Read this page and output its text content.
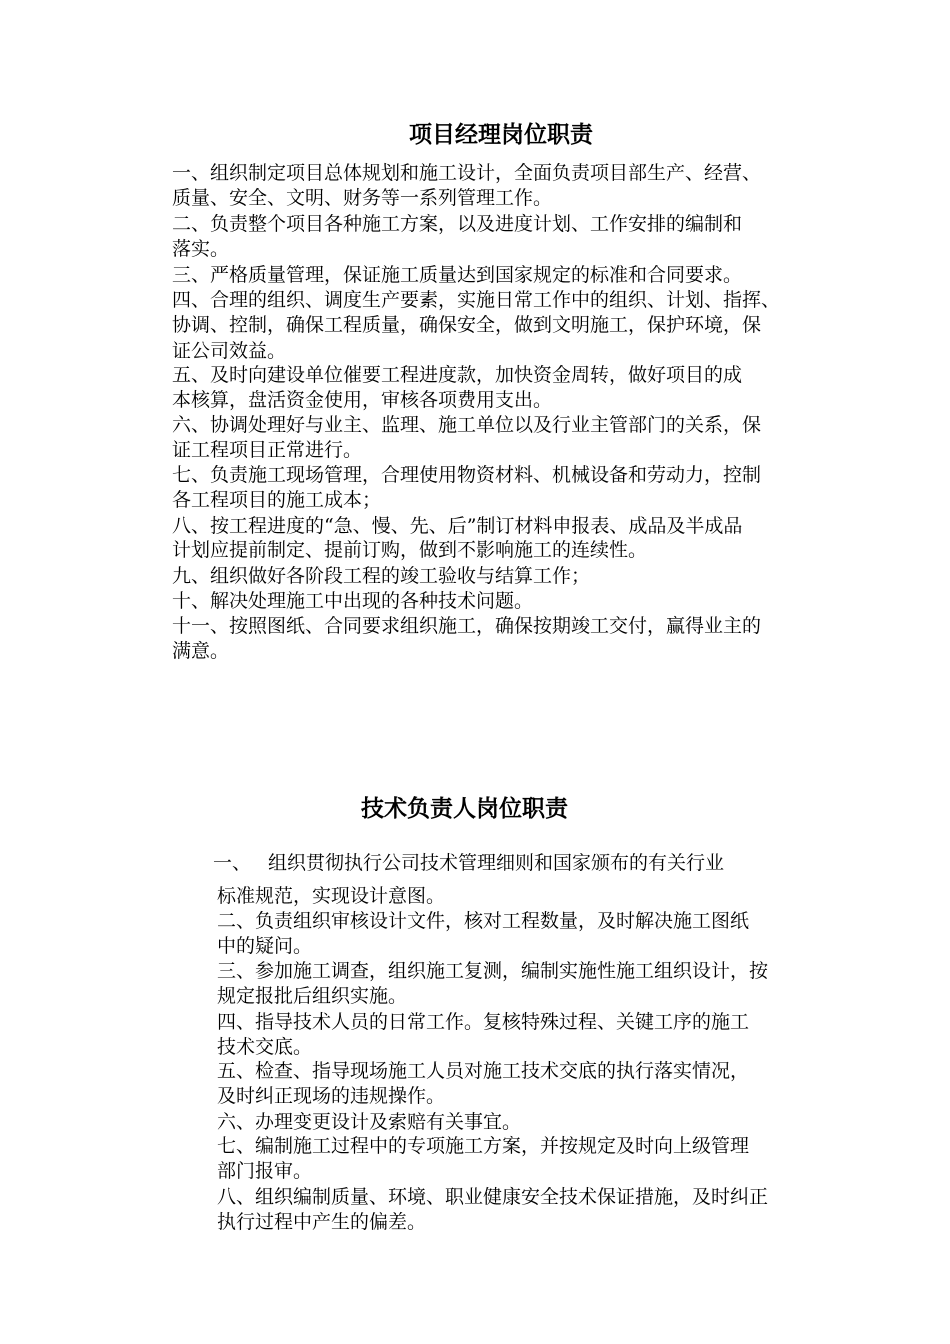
项目经理岗位职责
一、组织制定项目总体规划和施工设计，全面负责项目部生产、经营、
质量、安全、文明、财务等一系列管理工作。
二、负责整个项目各种施工方案，以及进度计划、工作安排的编制和
落实。
三、严格质量管理，保证施工质量达到国家规定的标准和合同要求。
四、合理的组织、调度生产要素，实施日常工作中的组织、计划、指挥、
协调、控制，确保工程质量，确保安全，做到文明施工，保护环境，保
证公司效益。
五、及时向建设单位催要工程进度款，加快资金周转，做好项目的成
本核算，盘活资金使用，审核各项费用支出。
六、协调处理好与业主、监理、施工单位以及行业主管部门的关系，保
证工程项目正常进行。
七、负责施工现场管理，合理使用物资材料、机械设备和劳动力，控制
各工程项目的施工成本；
八、按工程进度的“急、慢、先、后”制订材料申报表、成品及半成品
计划应提前制定、提前订购，做到不影响施工的连续性。
九、组织做好各阶段工程的竣工验收与结算工作；
十、解决处理施工中出现的各种技术问题。
十一、按照图纸、合同要求组织施工，确保按期竣工交付，赢得业主的
满意。
技术负责人岗位职责
一、 组织贯彻执行公司技术管理细则和国家颁布的有关行业
标准规范，实现设计意图。
二、负责组织审核设计文件，核对工程数量，及时解决施工图纸
中的疑问。
三、参加施工调查，组织施工复测，编制实施性施工组织设计，按
规定报批后组织实施。
四、指导技术人员的日常工作。复核特殊过程、关键工序的施工
技术交底。
五、检查、指导现场施工人员对施工技术交底的执行落实情况，
及时纠正现场的违规操作。
六、办理变更设计及索赔有关事宜。
七、编制施工过程中的专项施工方案，并按规定及时向上级管理
部门报审。
八、组织编制质量、环境、职业健康安全技术保证措施，及时纠正
执行过程中产生的偏差。
